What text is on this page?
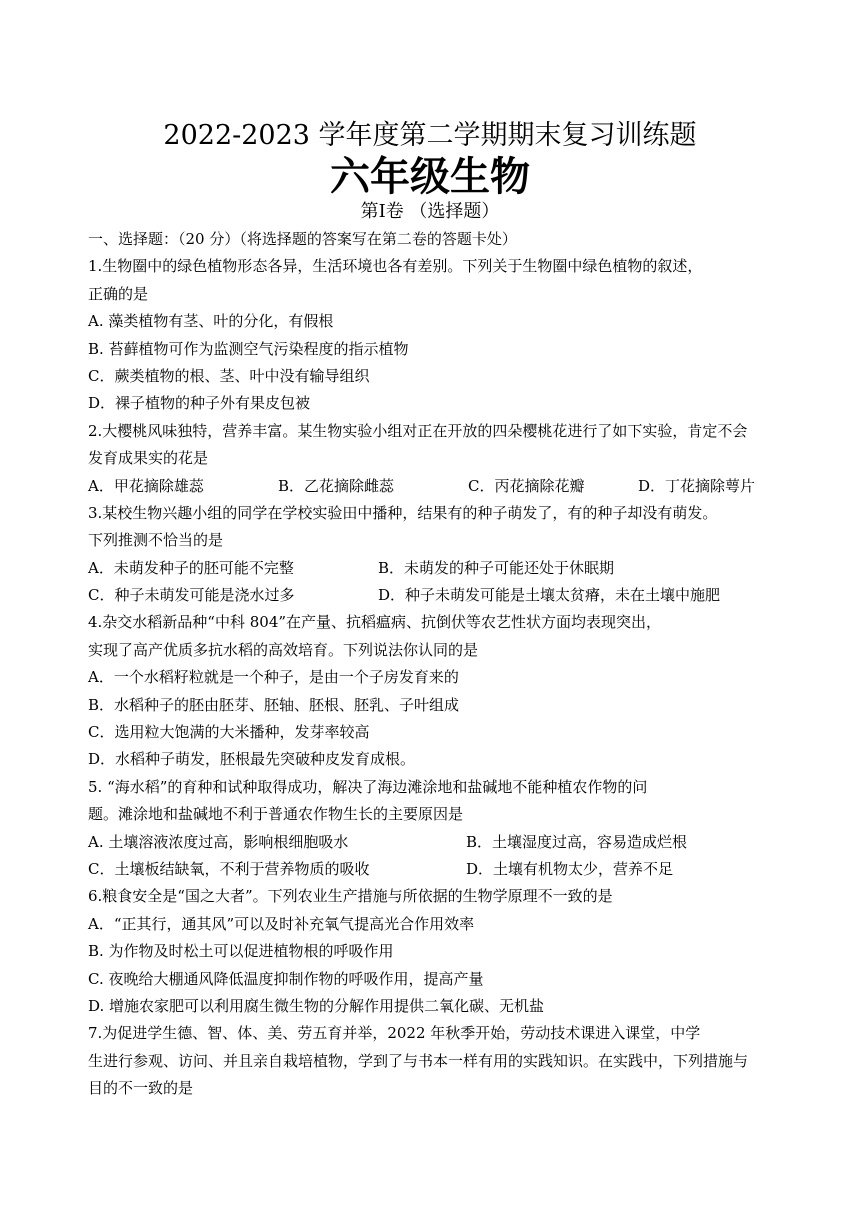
2022-2023 学年度第二学期期末复习训练题
六年级生物
第Ⅰ卷 （选择题）
一、选择题：（20 分）（将选择题的答案写在第二卷的答题卡处）
1.生物圈中的绿色植物形态各异，生活环境也各有差别。下列关于生物圈中绿色植物的叙述，
正确的是
A. 藻类植物有茎、叶的分化，有假根
B. 苔藓植物可作为监测空气污染程度的指示植物
C．蕨类植物的根、茎、叶中没有输导组织
D．裸子植物的种子外有果皮包被
2.大樱桃风味独特，营养丰富。某生物实验小组对正在开放的四朵樱桃花进行了如下实验，肯定不会
发育成果实的花是
A．甲花摘除雄蕊	B．乙花摘除雌蕊	C．丙花摘除花瓣	D．丁花摘除萼片
3.某校生物兴趣小组的同学在学校实验田中播种，结果有的种子萌发了，有的种子却没有萌发。
下列推测不恰当的是
A．未萌发种子的胚可能不完整	B．未萌发的种子可能还处于休眠期
C．种子未萌发可能是浇水过多	D．种子未萌发可能是土壤太贫瘠，未在土壤中施肥
4.杂交水稻新品种“中科 804”在产量、抗稻瘟病、抗倒伏等农艺性状方面均表现突出，
实现了高产优质多抗水稻的高效培育。下列说法你认同的是
A．一个水稻籽粒就是一个种子，是由一个子房发育来的
B．水稻种子的胚由胚芽、胚轴、胚根、胚乳、子叶组成
C．选用粒大饱满的大米播种，发芽率较高
D．水稻种子萌发，胚根最先突破种皮发育成根。
5. “海水稻”的育种和试种取得成功，解决了海边滩涂地和盐碱地不能种植农作物的问
题。滩涂地和盐碱地不利于普通农作物生长的主要原因是
A. 土壤溶液浓度过高，影响根细胞吸水	B．土壤湿度过高，容易造成烂根
C．土壤板结缺氧，不利于营养物质的吸收	D．土壤有机物太少，营养不足
6.粮食安全是“国之大者”。下列农业生产措施与所依据的生物学原理不一致的是
A．“正其行，通其风”可以及时补充氧气提高光合作用效率
B. 为作物及时松土可以促进植物根的呼吸作用
C. 夜晚给大棚通风降低温度抑制作物的呼吸作用，提高产量
D. 增施农家肥可以利用腐生微生物的分解作用提供二氧化碳、无机盐
7.为促进学生德、智、体、美、劳五育并举，2022 年秋季开始，劳动技术课进入课堂，中学
生进行参观、访问、并且亲自栽培植物，学到了与书本一样有用的实践知识。在实践中，下列措施与
目的不一致的是
